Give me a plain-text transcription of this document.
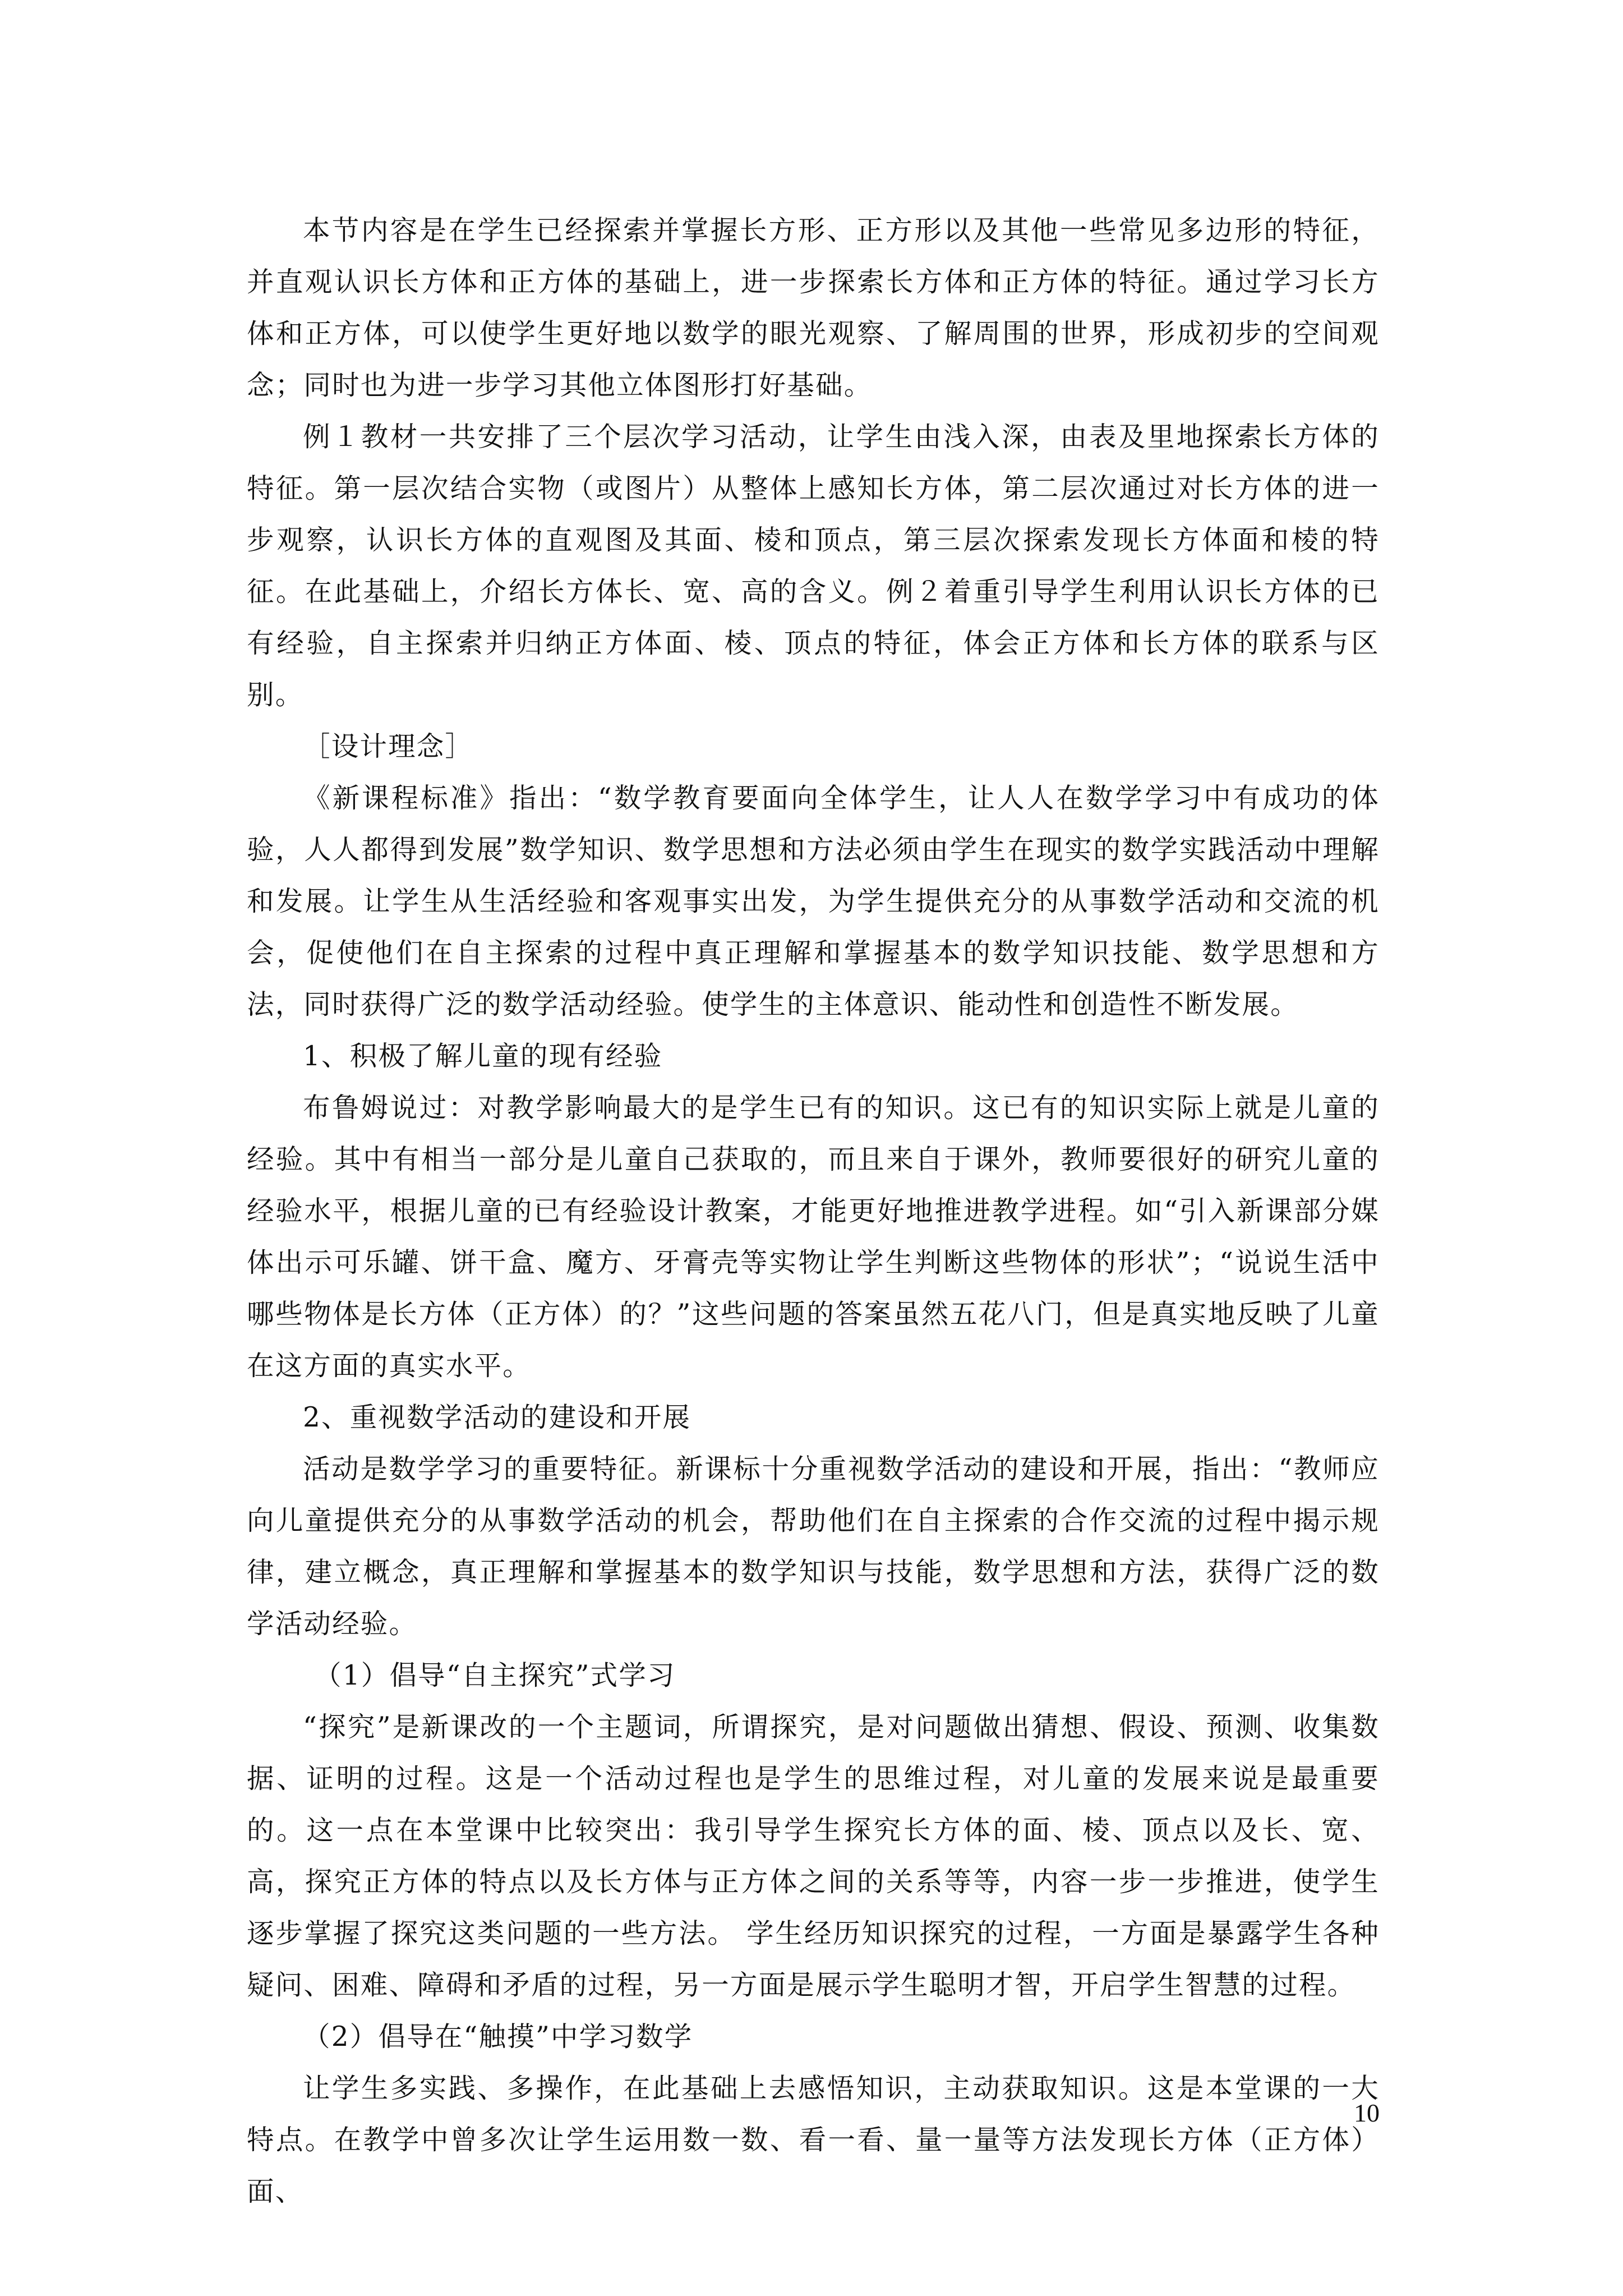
本节内容是在学生已经探索并掌握长方形、正方形以及其他一些常见多边形的特征，并直观认识长方体和正方体的基础上，进一步探索长方体和正方体的特征。通过学习长方体和正方体，可以使学生更好地以数学的眼光观察、了解周围的世界，形成初步的空间观念；同时也为进一步学习其他立体图形打好基础。

例１教材一共安排了三个层次学习活动，让学生由浅入深，由表及里地探索长方体的特征。第一层次结合实物（或图片）从整体上感知长方体，第二层次通过对长方体的进一步观察，认识长方体的直观图及其面、棱和顶点，第三层次探索发现长方体面和棱的特征。在此基础上，介绍长方体长、宽、高的含义。例２着重引导学生利用认识长方体的已有经验，自主探索并归纳正方体面、棱、顶点的特征，体会正方体和长方体的联系与区别。

［设计理念］

《新课程标准》指出：“数学教育要面向全体学生，让人人在数学学习中有成功的体验，人人都得到发展”数学知识、数学思想和方法必须由学生在现实的数学实践活动中理解和发展。让学生从生活经验和客观事实出发，为学生提供充分的从事数学活动和交流的机会，促使他们在自主探索的过程中真正理解和掌握基本的数学知识技能、数学思想和方法，同时获得广泛的数学活动经验。使学生的主体意识、能动性和创造性不断发展。

1、积极了解儿童的现有经验

布鲁姆说过：对教学影响最大的是学生已有的知识。这已有的知识实际上就是儿童的经验。其中有相当一部分是儿童自己获取的，而且来自于课外，教师要很好的研究儿童的经验水平，根据儿童的已有经验设计教案，才能更好地推进教学进程。如“引入新课部分媒体出示可乐罐、饼干盒、魔方、牙膏壳等实物让学生判断这些物体的形状”；“说说生活中哪些物体是长方体（正方体）的？”这些问题的答案虽然五花八门，但是真实地反映了儿童在这方面的真实水平。

2、重视数学活动的建设和开展

活动是数学学习的重要特征。新课标十分重视数学活动的建设和开展，指出：“教师应向儿童提供充分的从事数学活动的机会，帮助他们在自主探索的合作交流的过程中揭示规律，建立概念，真正理解和掌握基本的数学知识与技能，数学思想和方法，获得广泛的数学活动经验。

（1）倡导“自主探究”式学习

“探究”是新课改的一个主题词，所谓探究，是对问题做出猜想、假设、预测、收集数据、证明的过程。这是一个活动过程也是学生的思维过程，对儿童的发展来说是最重要的。这一点在本堂课中比较突出：我引导学生探究长方体的面、棱、顶点以及长、宽、高，探究正方体的特点以及长方体与正方体之间的关系等等，内容一步一步推进，使学生逐步掌握了探究这类问题的一些方法。 学生经历知识探究的过程，一方面是暴露学生各种疑问、困难、障碍和矛盾的过程，另一方面是展示学生聪明才智，开启学生智慧的过程。

（2）倡导在“触摸”中学习数学

让学生多实践、多操作，在此基础上去感悟知识，主动获取知识。这是本堂课的一大特点。在教学中曾多次让学生运用数一数、看一看、量一量等方法发现长方体（正方体）面、

10
